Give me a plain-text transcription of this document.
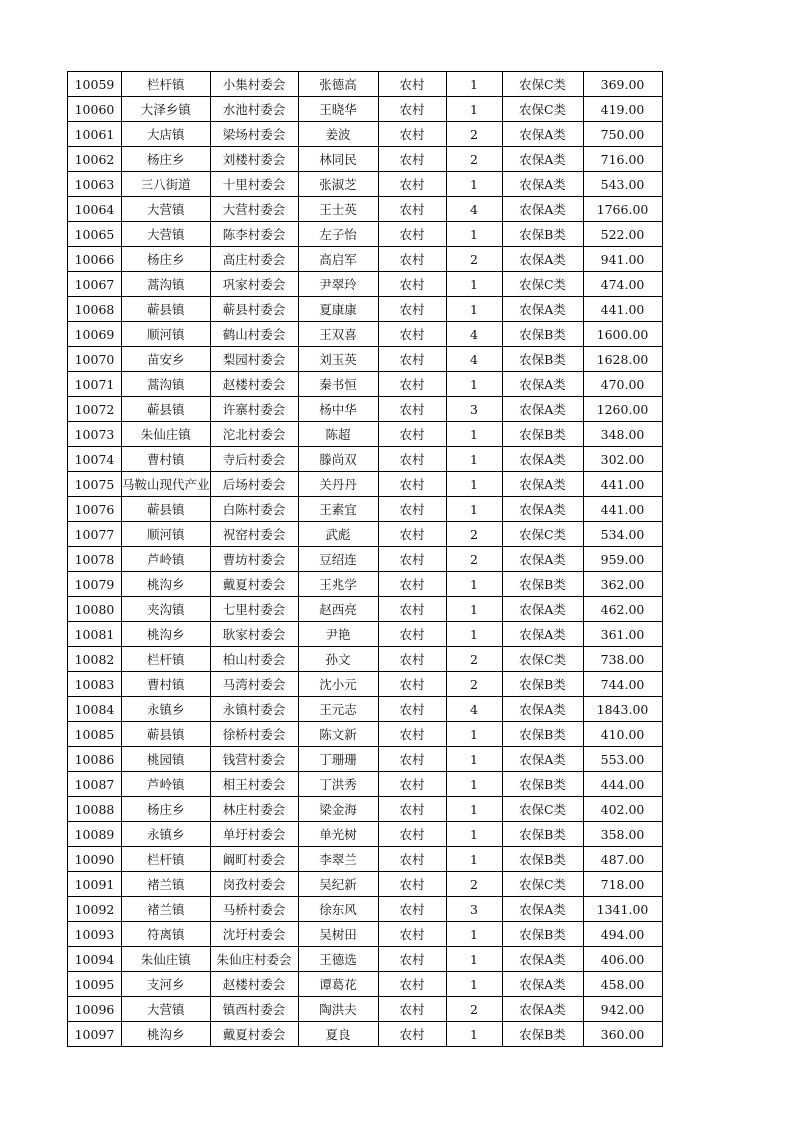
10059	栏杆镇	小集村委会	张德高	农村	1	农保C类	369.00
10060	大泽乡镇	水池村委会	王晓华	农村	1	农保C类	419.00
10061	大店镇	梁场村委会	姜波	农村	2	农保A类	750.00
10062	杨庄乡	刘楼村委会	林同民	农村	2	农保A类	716.00
10063	三八街道	十里村委会	张淑芝	农村	1	农保A类	543.00
10064	大营镇	大营村委会	王士英	农村	4	农保A类	1766.00
10065	大营镇	陈李村委会	左子怡	农村	1	农保B类	522.00
10066	杨庄乡	高庄村委会	高启军	农村	2	农保A类	941.00
10067	蒿沟镇	巩家村委会	尹翠玲	农村	1	农保C类	474.00
10068	蕲县镇	蕲县村委会	夏康康	农村	1	农保A类	441.00
10069	顺河镇	鹤山村委会	王双喜	农村	4	农保B类	1600.00
10070	苗安乡	梨园村委会	刘玉英	农村	4	农保B类	1628.00
10071	蒿沟镇	赵楼村委会	秦书恒	农村	1	农保A类	470.00
10072	蕲县镇	许寨村委会	杨中华	农村	3	农保A类	1260.00
10073	朱仙庄镇	沱北村委会	陈超	农村	1	农保B类	348.00
10074	曹村镇	寺后村委会	滕尚双	农村	1	农保A类	302.00
10075	马鞍山现代产业	后场村委会	关丹丹	农村	1	农保A类	441.00
10076	蕲县镇	白陈村委会	王素宜	农村	1	农保A类	441.00
10077	顺河镇	祝窑村委会	武彪	农村	2	农保C类	534.00
10078	芦岭镇	曹坊村委会	豆绍连	农村	2	农保A类	959.00
10079	桃沟乡	戴夏村委会	王兆学	农村	1	农保B类	362.00
10080	夹沟镇	七里村委会	赵西亮	农村	1	农保A类	462.00
10081	桃沟乡	耿家村委会	尹艳	农村	1	农保A类	361.00
10082	栏杆镇	柏山村委会	孙文	农村	2	农保C类	738.00
10083	曹村镇	马湾村委会	沈小元	农村	2	农保B类	744.00
10084	永镇乡	永镇村委会	王元志	农村	4	农保A类	1843.00
10085	蕲县镇	徐桥村委会	陈文新	农村	1	农保B类	410.00
10086	桃园镇	钱营村委会	丁珊珊	农村	1	农保A类	553.00
10087	芦岭镇	相王村委会	丁洪秀	农村	1	农保B类	444.00
10088	杨庄乡	林庄村委会	梁金海	农村	1	农保C类	402.00
10089	永镇乡	单圩村委会	单光树	农村	1	农保B类	358.00
10090	栏杆镇	阚町村委会	李翠兰	农村	1	农保B类	487.00
10091	褚兰镇	岗孜村委会	吴纪新	农村	2	农保C类	718.00
10092	褚兰镇	马桥村委会	徐东风	农村	3	农保A类	1341.00
10093	符离镇	沈圩村委会	吴树田	农村	1	农保B类	494.00
10094	朱仙庄镇	朱仙庄村委会	王德选	农村	1	农保A类	406.00
10095	支河乡	赵楼村委会	谭葛花	农村	1	农保A类	458.00
10096	大营镇	镇西村委会	陶洪夫	农村	2	农保A类	942.00
10097	桃沟乡	戴夏村委会	夏良	农村	1	农保B类	360.00
